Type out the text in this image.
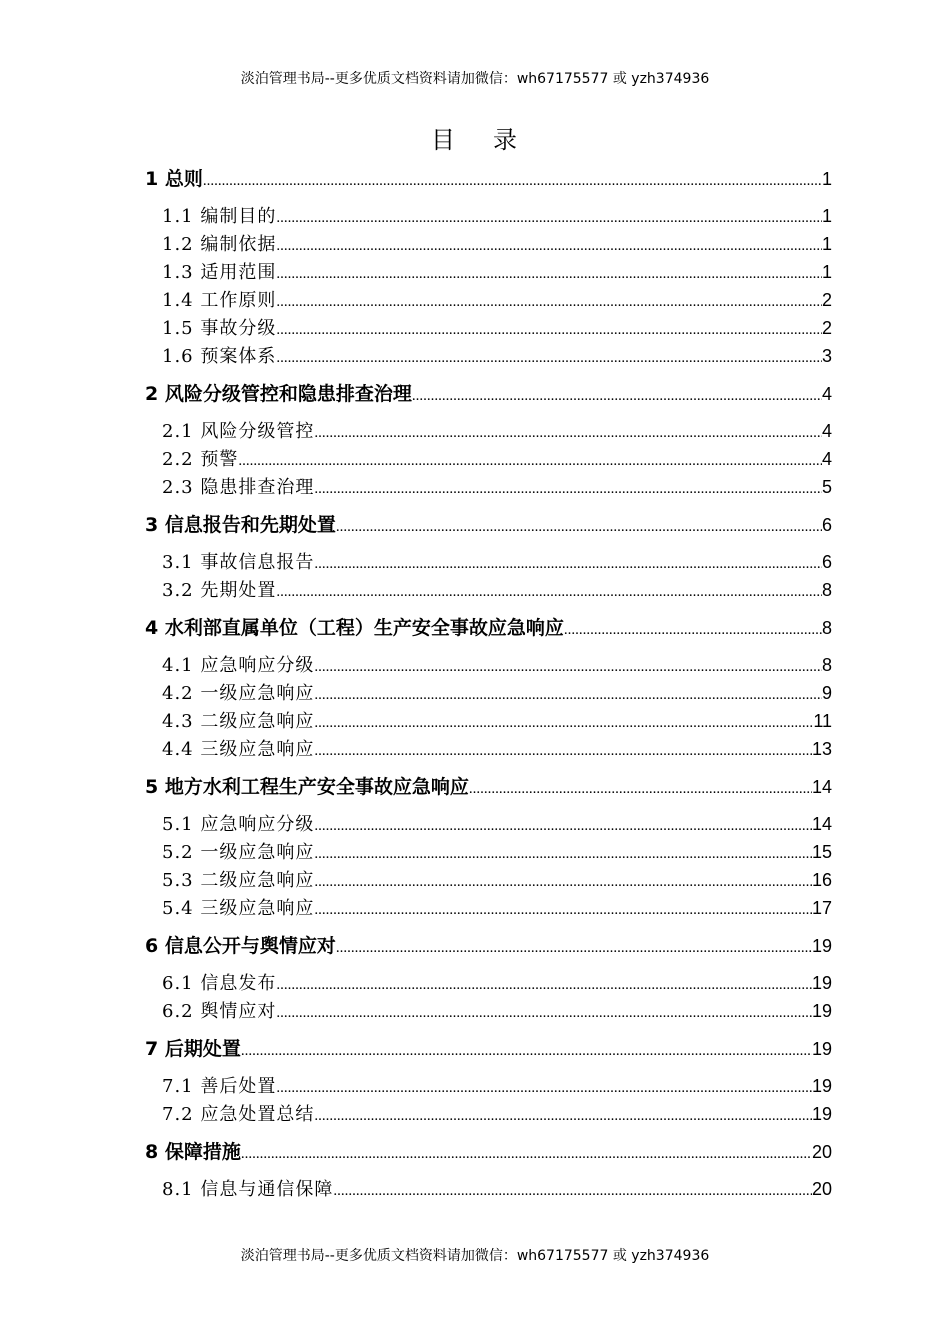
淡泊管理书局--更多优质文档资料请加微信：wh67175577 或 yzh374936
目 录
1 总则 .....	1
1.1 编制目的 .....	1
1.2 编制依据 .....	1
1.3 适用范围 .....	1
1.4 工作原则 .....	2
1.5 事故分级 .....	2
1.6 预案体系 .....	3
2 风险分级管控和隐患排查治理 .....	4
2.1 风险分级管控 .....	4
2.2 预警 .....	4
2.3 隐患排查治理 .....	5
3 信息报告和先期处置 .....	6
3.1 事故信息报告 .....	6
3.2 先期处置 .....	8
4 水利部直属单位（工程）生产安全事故应急响应 .....	8
4.1 应急响应分级 .....	8
4.2 一级应急响应 .....	9
4.3 二级应急响应 .....	11
4.4 三级应急响应 .....	13
5 地方水利工程生产安全事故应急响应 .....	14
5.1 应急响应分级 .....	14
5.2 一级应急响应 .....	15
5.3 二级应急响应 .....	16
5.4 三级应急响应 .....	17
6 信息公开与舆情应对 .....	19
6.1 信息发布 .....	19
6.2 舆情应对 .....	19
7 后期处置 .....	19
7.1 善后处置 .....	19
7.2 应急处置总结 .....	19
8 保障措施 .....	20
8.1 信息与通信保障 .....	20
淡泊管理书局--更多优质文档资料请加微信：wh67175577 或 yzh374936
